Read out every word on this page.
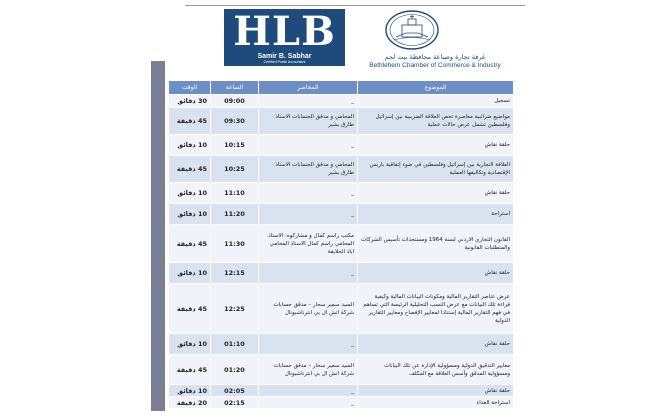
HLB
Samir B. Sabhar
Certified Public Accountant
غرفة تجارة وصناعة محافظة بيت لحم
Bethlehem Chamber of Commerce & Industry
الوقت	الساعة	المحاضر	الموضوع
30 دقائق	09:00	_	تسجيل
45 دقيقة	09:30	المحامي و مدقق الحسابات الاستاذ طارق بشير	مواضيع ضرائبية معاصرة تخص العلاقة الضريبية بين إسرائيل وفلسطين تشمل عرض حالات عملية
10 دقائق	10:15	_	حلقة نقاش
45 دقيقة	10:25	المحامي و مدقق الحسابات الاستاذ طارق بشير	العلاقة التجارية بين إسرائيل وفلسطين في ضوء إتفاقية باريس الإقتصادية وتكاليفها العملية
10 دقائق	11:10	_	حلقة نقاش
10 دقائق	11:20	_	استراحة
45 دقيقة	11:30	مكتب راسم كمال و مشاركوه: الاستاذ المحامي راسم كمال الاستاذ المحامي اياد الحلايقة	القانون التجاري الاردني لسنة 1964 ومستجدات تأسيس الشركات والمتطلبات القانونية
10 دقائق	12:15	_	حلقة نقاش
45 دقيقة	12:25	السيد سمير سحار – مدقق حسابات شركة اتش ال بي انترناشيونال	عرض عناصر التقارير المالية ومكونات البيانات المالية وكيفية قراءة تلك البيانات مع عرض النسب التحليلية الرئيسة التي تساهم في فهم التقارير المالية إستنادا لمعايير الإفصاح ومعايير التقارير الدولية
10 دقائق	01:10	_	حلقة نقاش
45 دقيقة	01:20	السيد سمير سحار – مدقق حسابات شركة اتش ال بي انترناشيونال	معايير التدقيق الدولية ومسؤولية الإدارة عن تلك البيانات ومسؤولية المدقق وأسس العلاقة مع المكلف
10 دقائق	02:05	_	حلقة نقاش
20 دقيقة	02:15	_	استراحة الغداء
